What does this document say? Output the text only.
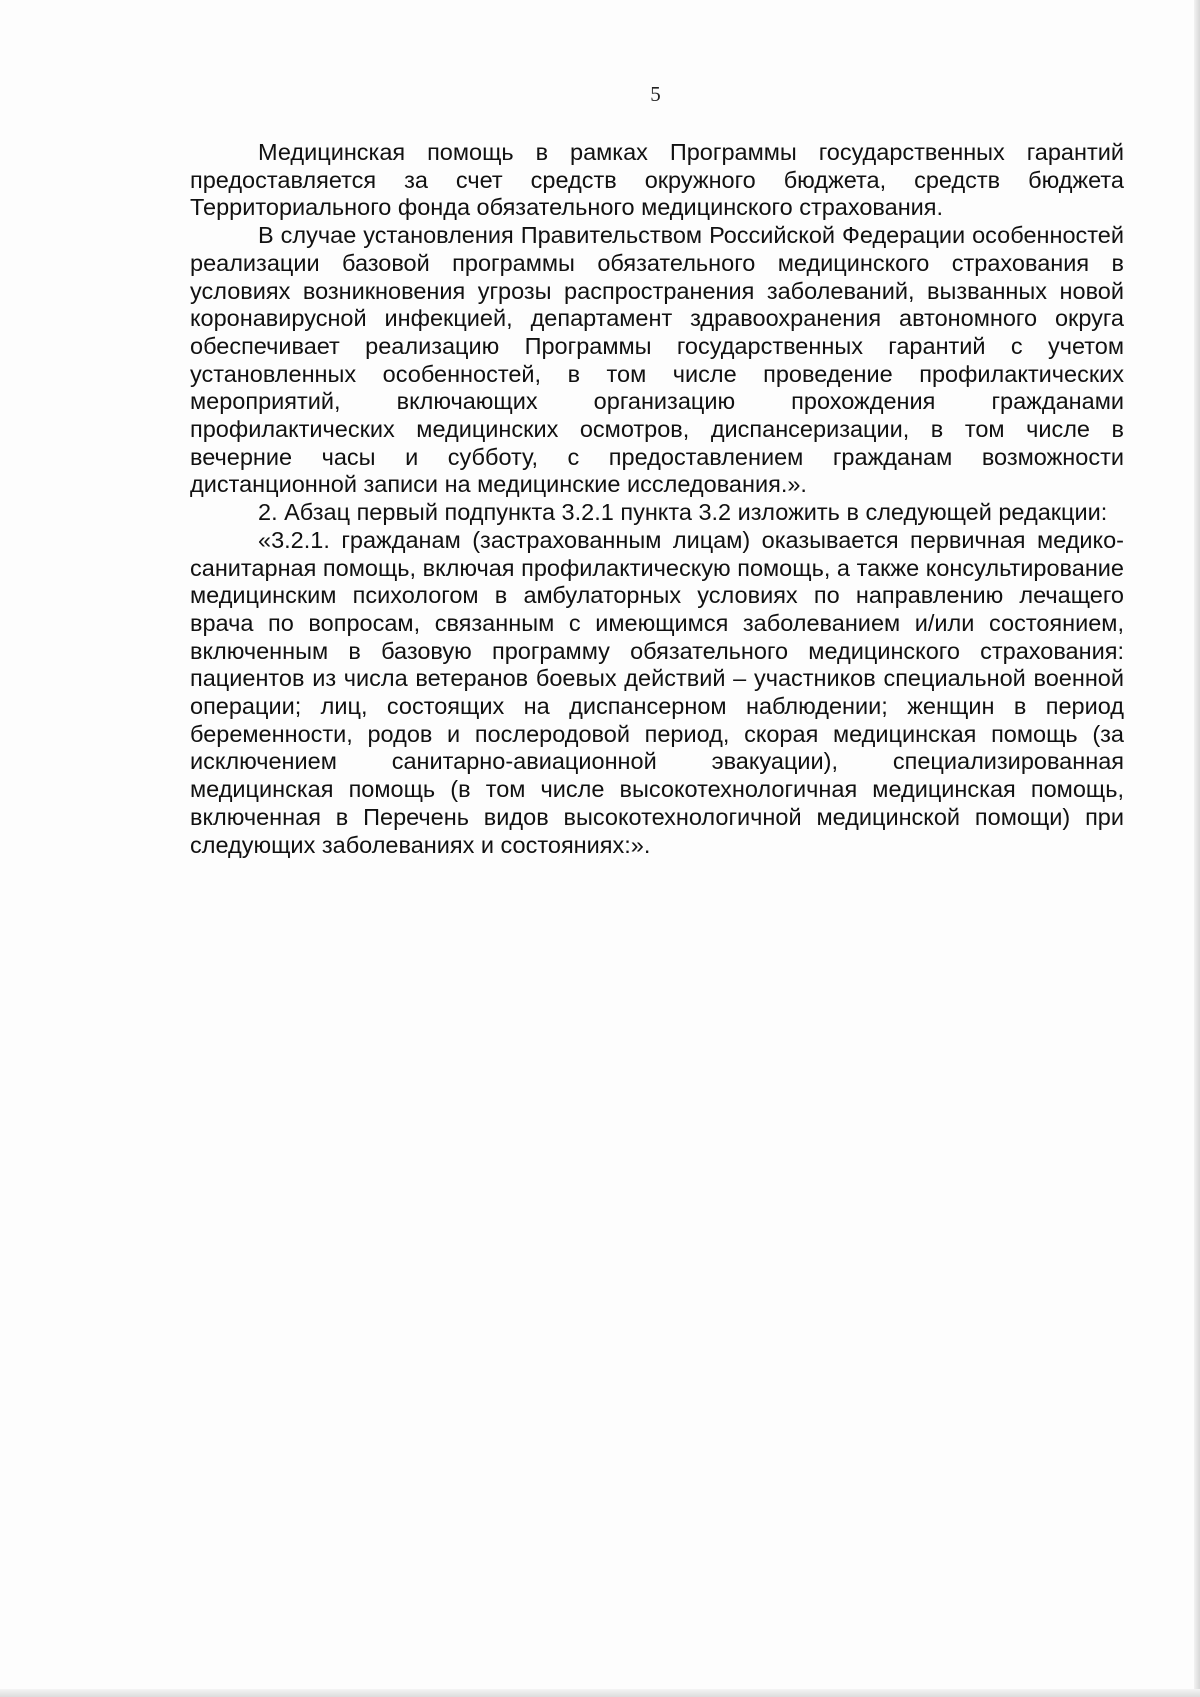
5

Медицинская помощь в рамках Программы государственных гарантий предоставляется за счет средств окружного бюджета, средств бюджета Территориального фонда обязательного медицинского страхования.

В случае установления Правительством Российской Федерации особенностей реализации базовой программы обязательного медицинского страхования в условиях возникновения угрозы распространения заболеваний, вызванных новой коронавирусной инфекцией, департамент здравоохранения автономного округа обеспечивает реализацию Программы государственных гарантий с учетом установленных особенностей, в том числе проведение профилактических мероприятий, включающих организацию прохождения гражданами профилактических медицинских осмотров, диспансеризации, в том числе в вечерние часы и субботу, с предоставлением гражданам возможности дистанционной записи на медицинские исследования.».

2. Абзац первый подпункта 3.2.1 пункта 3.2 изложить в следующей редакции:

«3.2.1. гражданам (застрахованным лицам) оказывается первичная медико-санитарная помощь, включая профилактическую помощь, а также консультирование медицинским психологом в амбулаторных условиях по направлению лечащего врача по вопросам, связанным с имеющимся заболеванием и/или состоянием, включенным в базовую программу обязательного медицинского страхования: пациентов из числа ветеранов боевых действий – участников специальной военной операции; лиц, состоящих на диспансерном наблюдении; женщин в период беременности, родов и послеродовой период, скорая медицинская помощь (за исключением санитарно-авиационной эвакуации), специализированная медицинская помощь (в том числе высокотехнологичная медицинская помощь, включенная в Перечень видов высокотехнологичной медицинской помощи) при следующих заболеваниях и состояниях:».
